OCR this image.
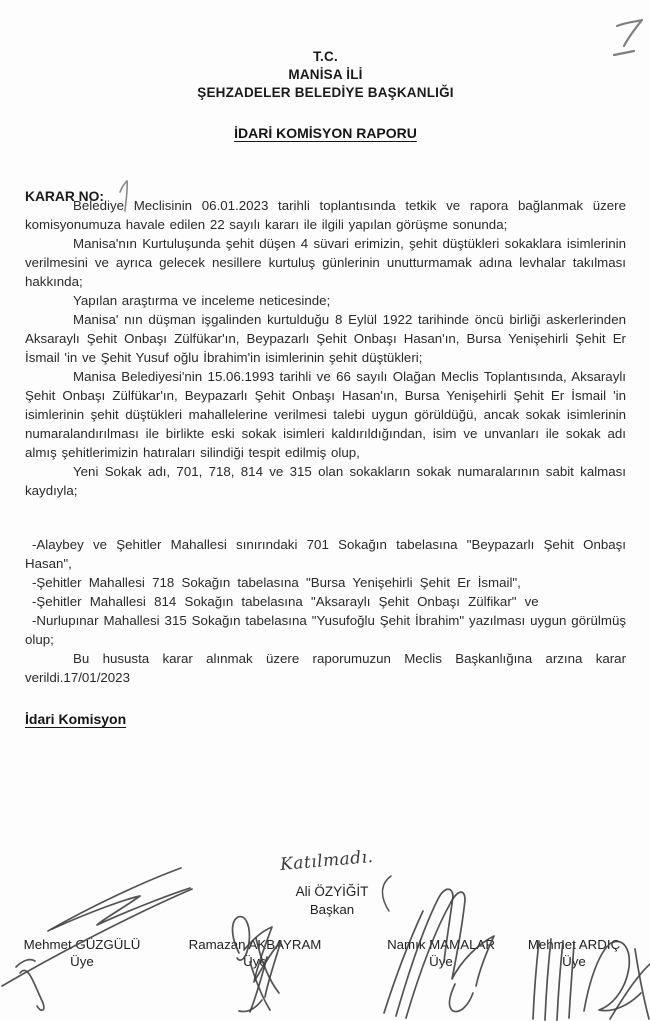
T.C.
MANİSA İLİ
ŞEHZADELER BELEDİYE BAŞKANLIĞI
İDARİ KOMİSYON RAPORU
KARAR NO:

Belediye Meclisinin 06.01.2023 tarihli toplantısında tetkik ve rapora bağlanmak üzere komisyonumuza havale edilen 22 sayılı kararı ile ilgili yapılan görüşme sonunda;

Manisa'nın Kurtuluşunda şehit düşen 4 süvari erimizin, şehit düştükleri sokaklara isimlerinin verilmesini ve ayrıca gelecek nesillere kurtuluş günlerinin unutturmamak adına levhalar takılması hakkında;

Yapılan araştırma ve inceleme neticesinde;

Manisa' nın düşman işgalinden kurtulduğu 8 Eylül 1922 tarihinde öncü birliği askerlerinden Aksaraylı Şehit Onbaşı Zülfükar'ın, Beypazarlı Şehit Onbaşı Hasan'ın, Bursa Yenişehirli Şehit Er İsmail 'in ve Şehit Yusuf oğlu İbrahim'in isimlerinin şehit düştükleri;

Manisa Belediyesi'nin 15.06.1993 tarihli ve 66 sayılı Olağan Meclis Toplantısında, Aksaraylı Şehit Onbaşı Zülfükar'ın, Beypazarlı Şehit Onbaşı Hasan'ın, Bursa Yenişehirli Şehit Er İsmail 'in isimlerinin şehit düştükleri mahallelerine verilmesi talebi uygun görüldüğü, ancak sokak isimlerinin numaralandırılması ile birlikte eski sokak isimleri kaldırıldığından, isim ve unvanları ile sokak adı almış şehitlerimizin hatıraları silindiği tespit edilmiş olup,

Yeni Sokak adı, 701, 718, 814 ve 315 olan sokakların sokak numaralarının sabit kalması kaydıyla;

-Alaybey ve Şehitler Mahallesi sınırındaki 701 Sokağın tabelasına "Beypazarlı Şehit Onbaşı Hasan",

-Şehitler Mahallesi 718 Sokağın tabelasına "Bursa Yenişehirli Şehit Er İsmail",

-Şehitler Mahallesi 814 Sokağın tabelasına "Aksaraylı Şehit Onbaşı Zülfikar" ve

-Nurlupınar Mahallesi 315 Sokağın tabelasına "Yusufoğlu Şehit İbrahim" yazılması uygun görülmüş olup;

Bu hususta karar alınmak üzere raporumuzun Meclis Başkanlığına arzına karar verildi.17/01/2023

İdari Komisyon
Katılmadı.
Ali ÖZYİĞİT
Başkan
Mehmet GÜZGÜLÜ
Üye
Ramazan AKBAYRAM
Üye
Namık MAMALAR
Üye
Mehmet ARDIÇ
Üye
